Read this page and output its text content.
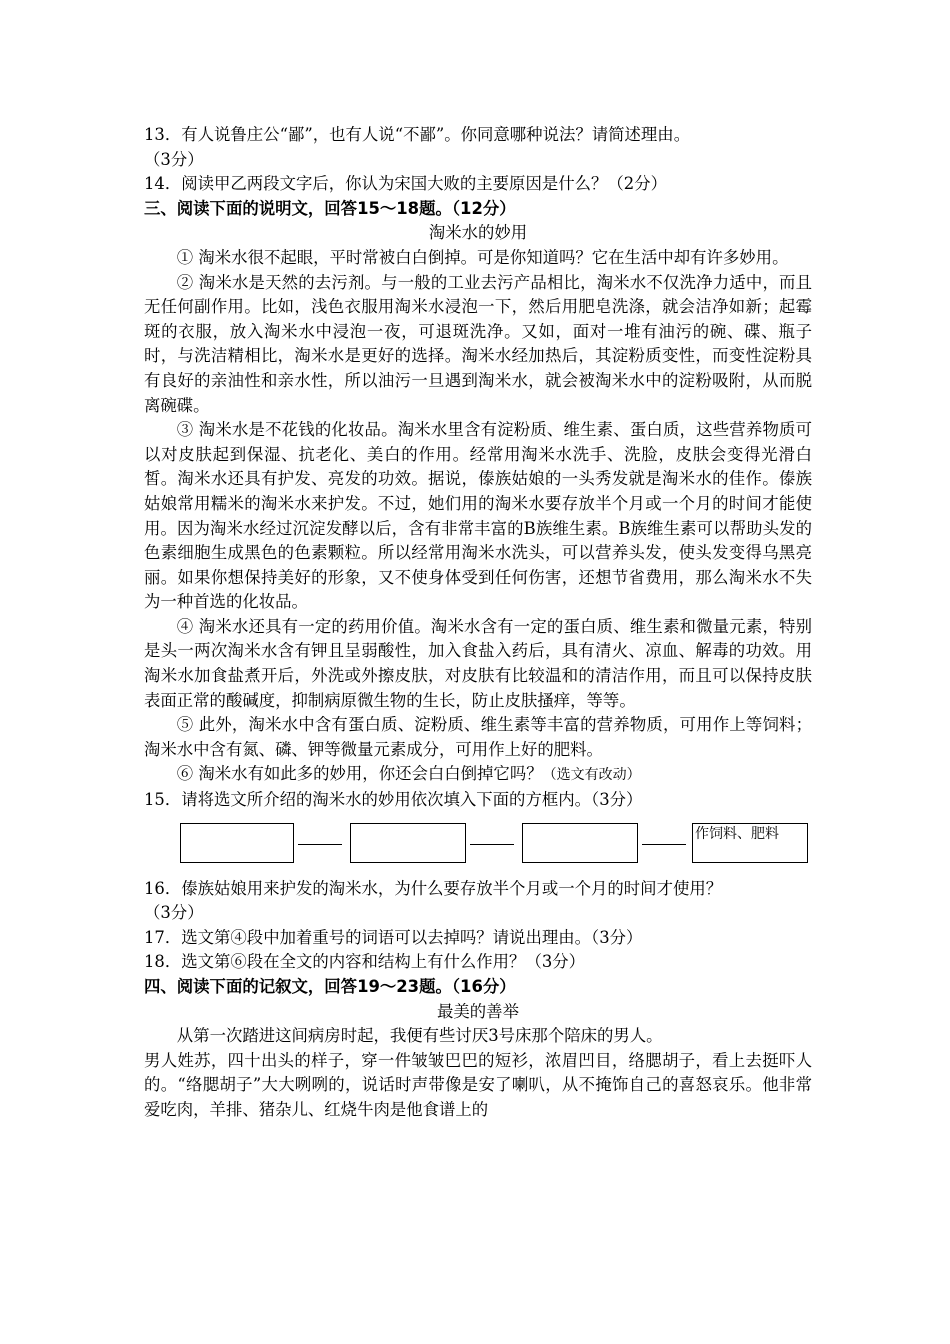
13．有人说鲁庄公“鄙”，也有人说“不鄙”。你同意哪种说法？请简述理由。

（3分）

14．阅读甲乙两段文字后，你认为宋国大败的主要原因是什么？（2分）

三、阅读下面的说明文，回答15～18题。（12分）

淘米水的妙用

① 淘米水很不起眼，平时常被白白倒掉。可是你知道吗？它在生活中却有许多妙用。

② 淘米水是天然的去污剂。与一般的工业去污产品相比，淘米水不仅洗净力适中，而且无任何副作用。比如，浅色衣服用淘米水浸泡一下，然后用肥皂洗涤，就会洁净如新；起霉斑的衣服，放入淘米水中浸泡一夜，可退斑洗净。又如，面对一堆有油污的碗、碟、瓶子时，与洗洁精相比，淘米水是更好的选择。淘米水经加热后，其淀粉质变性，而变性淀粉具有良好的亲油性和亲水性，所以油污一旦遇到淘米水，就会被淘米水中的淀粉吸附，从而脱离碗碟。

③ 淘米水是不花钱的化妆品。淘米水里含有淀粉质、维生素、蛋白质，这些营养物质可以对皮肤起到保湿、抗老化、美白的作用。经常用淘米水洗手、洗脸，皮肤会变得光滑白皙。淘米水还具有护发、亮发的功效。据说，傣族姑娘的一头秀发就是淘米水的佳作。傣族姑娘常用糯米的淘米水来护发。不过，她们用的淘米水要存放半个月或一个月的时间才能使用。因为淘米水经过沉淀发酵以后，含有非常丰富的B族维生素。B族维生素可以帮助头发的色素细胞生成黑色的色素颗粒。所以经常用淘米水洗头，可以营养头发，使头发变得乌黑亮丽。如果你想保持美好的形象，又不使身体受到任何伤害，还想节省费用，那么淘米水不失为一种首选的化妆品。

④ 淘米水还具有一定的药用价值。淘米水含有一定的蛋白质、维生素和微量元素，特别是头一两次淘米水含有钾且呈弱酸性，加入食盐入药后，具有清火、凉血、解毒的功效。用淘米水加食盐煮开后，外洗或外擦皮肤，对皮肤有比较温和的清洁作用，而且可以保持皮肤表面正常的酸碱度，抑制病原微生物的生长，防止皮肤搔痒，等等。

⑤ 此外，淘米水中含有蛋白质、淀粉质、维生素等丰富的营养物质，可用作上等饲料；淘米水中含有氮、磷、钾等微量元素成分，可用作上好的肥料。

⑥ 淘米水有如此多的妙用，你还会白白倒掉它吗？（选文有改动）

15．请将选文所介绍的淘米水的妙用依次填入下面的方框内。（3分）

作饲料、肥料

16．傣族姑娘用来护发的淘米水，为什么要存放半个月或一个月的时间才使用？

（3分）

17．选文第④段中加着重号的词语可以去掉吗？请说出理由。（3分）

18．选文第⑥段在全文的内容和结构上有什么作用？（3分）

四、阅读下面的记叙文，回答19～23题。（16分）

最美的善举

从第一次踏进这间病房时起，我便有些讨厌3号床那个陪床的男人。

男人姓苏，四十出头的样子，穿一件皱皱巴巴的短衫，浓眉凹目，络腮胡子，看上去挺吓人的。“络腮胡子”大大咧咧的，说话时声带像是安了喇叭，从不掩饰自己的喜怒哀乐。他非常爱吃肉，羊排、猪杂儿、红烧牛肉是他食谱上的
